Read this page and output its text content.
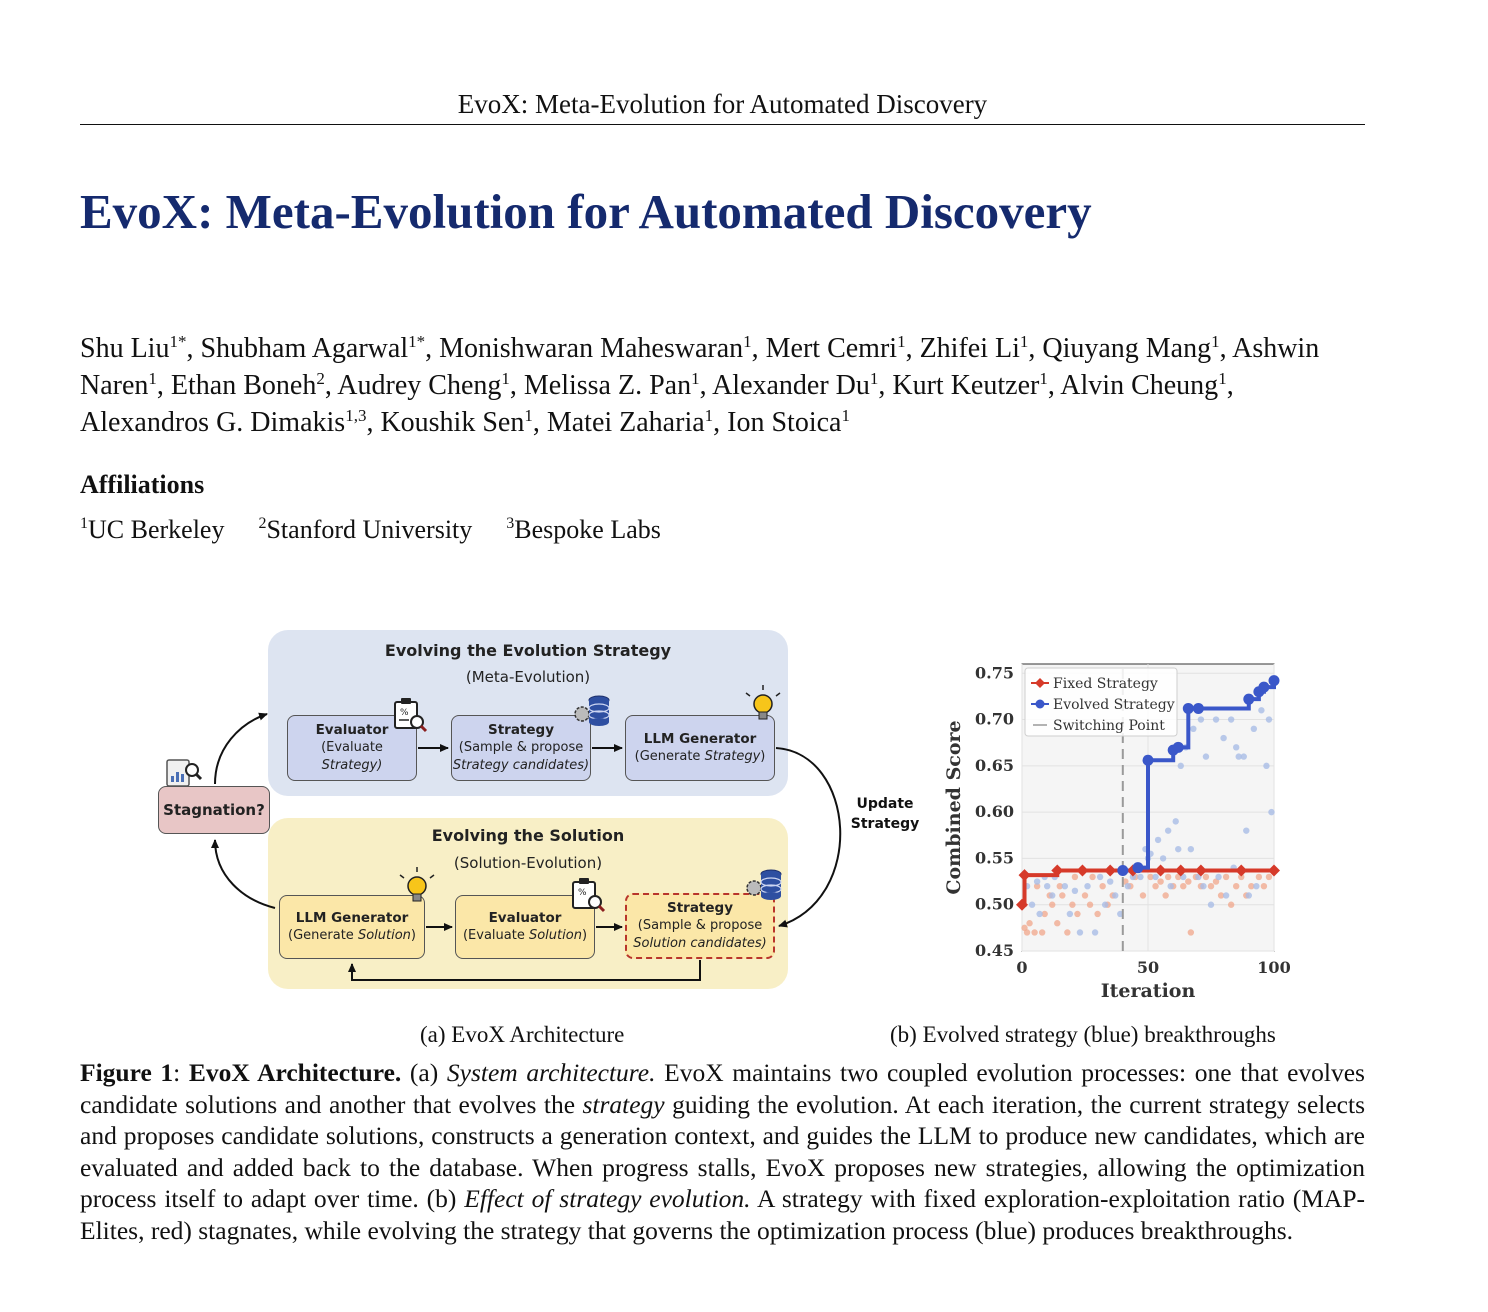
EvoX: Meta-Evolution for Automated Discovery
EvoX: Meta-Evolution for Automated Discovery

Shu Liu$^{1*}$, Shubham Agarwal$^{1*}$, Monishwaran Maheswaran$^1$, Mert Cemri$^1$, Zhifei Li$^1$, Qiuyang Mang$^1$, Ashwin Naren$^1$, Ethan Boneh$^2$, Audrey Cheng$^1$, Melissa Z. Pan$^1$, Alexander Du$^1$, Kurt Keutzer$^1$, Alvin Cheung$^1$, Alexandros G. Dimakis$^{1,3}$, Koushik Sen$^1$, Matei Zaharia$^1$, Ion Stoica$^1$

Affiliations
$^1$UC Berkeley $^2$Stanford University $^3$Bespoke Labs
Evolving the Evolution Strategy
(Meta-Evolution)
Evolving the Solution
(Solution-Evolution)
Evaluator
(Evaluate
Strategy)
Strategy
(Sample & propose
Strategy candidates)
LLM Generator
(Generate Strategy)
LLM Generator
(Generate Solution)
Evaluator
(Evaluate Solution)
Strategy
(Sample & propose
Solution candidates)
Stagnation?	Update
Strategy
%
%
0.45
0.50
0.55
0.60
0.65
0.70
0.75
0	50	100
Iteration
Combined Score
Fixed Strategy
Evolved Strategy
Switching Point
(a) EvoX Architecture	(b) Evolved strategy (blue) breakthroughs

Figure 1: EvoX Architecture. (a) System architecture. EvoX maintains two coupled evolution processes: one that evolves candidate solutions and another that evolves the strategy guiding the evolution. At each iteration, the current strategy selects and proposes candidate solutions, constructs a generation context, and guides the LLM to produce new candidates, which are evaluated and added back to the database. When progress stalls, EvoX proposes new strategies, allowing the optimization process itself to adapt over time. (b) Effect of strategy evolution. A strategy with fixed exploration-exploitation ratio (MAP-Elites, red) stagnates, while evolving the strategy that governs the optimization process (blue) produces breakthroughs.
